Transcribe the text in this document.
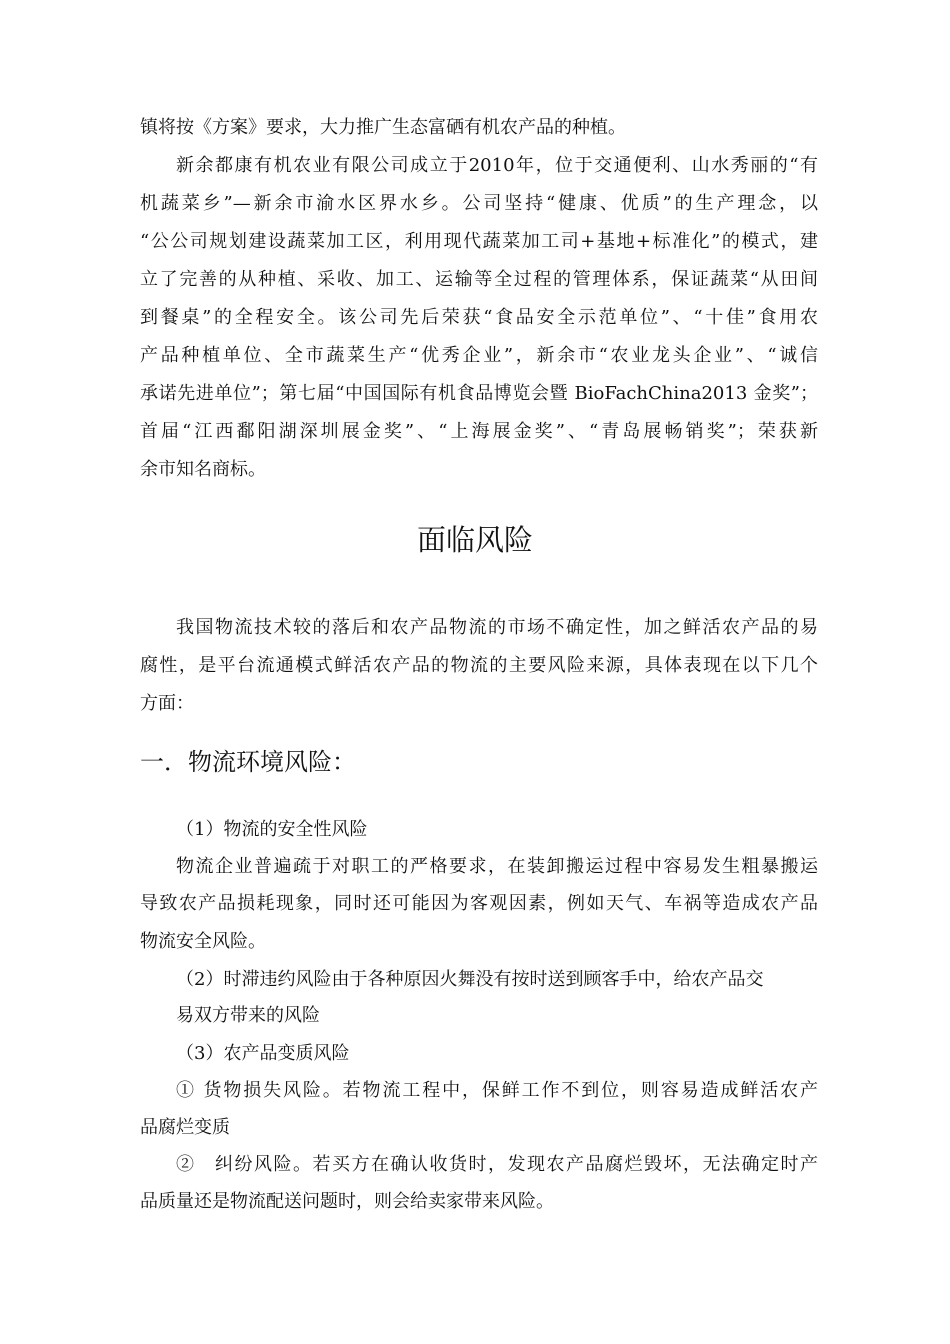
镇将按《方案》要求，大力推广生态富硒有机农产品的种植。

新余都康有机农业有限公司成立于2010年，位于交通便利、山水秀丽的“有

机蔬菜乡”—新余市渝水区界水乡。公司坚持“健康、优质”的生产理念，以

“公公司规划建设蔬菜加工区，利用现代蔬菜加工司+基地+标准化”的模式，建

立了完善的从种植、采收、加工、运输等全过程的管理体系，保证蔬菜“从田间

到餐桌”的全程安全。该公司先后荣获“食品安全示范单位”、“十佳”食用农

产品种植单位、全市蔬菜生产“优秀企业”，新余市“农业龙头企业”、“诚信

承诺先进单位”；第七届“中国国际有机食品博览会暨 BioFachChina2013 金奖”；

首届“江西鄱阳湖深圳展金奖”、“上海展金奖”、“青岛展畅销奖”；荣获新

余市知名商标。

面临风险

我国物流技术较的落后和农产品物流的市场不确定性，加之鲜活农产品的易

腐性，是平台流通模式鲜活农产品的物流的主要风险来源，具体表现在以下几个

方面：

一．物流环境风险：

（1）物流的安全性风险

物流企业普遍疏于对职工的严格要求，在装卸搬运过程中容易发生粗暴搬运

导致农产品损耗现象，同时还可能因为客观因素，例如天气、车祸等造成农产品

物流安全风险。

（2）时滞违约风险由于各种原因火舞没有按时送到顾客手中，给农产品交

易双方带来的风险

（3）农产品变质风险

① 货物损失风险。若物流工程中，保鲜工作不到位，则容易造成鲜活农产

品腐烂变质

②　纠纷风险。若买方在确认收货时，发现农产品腐烂毁坏，无法确定时产

品质量还是物流配送问题时，则会给卖家带来风险。
